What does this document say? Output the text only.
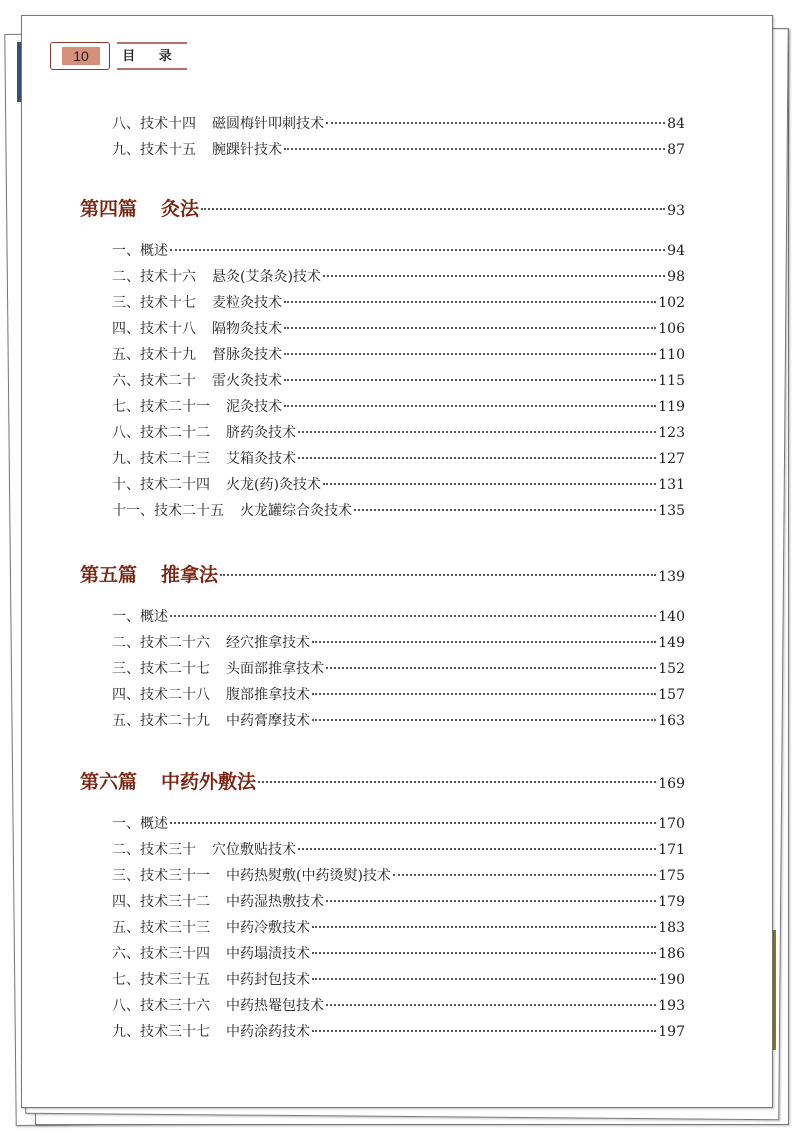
10	目 录
八、技术十四 磁圆梅针叩刺技术	84
九、技术十五 腕踝针技术	87
第四篇 灸法	93
一、概述	94
二、技术十六 悬灸(艾条灸)技术	98
三、技术十七 麦粒灸技术	102
四、技术十八 隔物灸技术	106
五、技术十九 督脉灸技术	110
六、技术二十 雷火灸技术	115
七、技术二十一 泥灸技术	119
八、技术二十二 脐药灸技术	123
九、技术二十三 艾箱灸技术	127
十、技术二十四 火龙(药)灸技术	131
十一、技术二十五 火龙罐综合灸技术	135
第五篇 推拿法	139
一、概述	140
二、技术二十六 经穴推拿技术	149
三、技术二十七 头面部推拿技术	152
四、技术二十八 腹部推拿技术	157
五、技术二十九 中药膏摩技术	163
第六篇 中药外敷法	169
一、概述	170
二、技术三十 穴位敷贴技术	171
三、技术三十一 中药热熨敷(中药烫熨)技术	175
四、技术三十二 中药湿热敷技术	179
五、技术三十三 中药冷敷技术	183
六、技术三十四 中药塌渍技术	186
七、技术三十五 中药封包技术	190
八、技术三十六 中药热罨包技术	193
九、技术三十七 中药涂药技术	197
